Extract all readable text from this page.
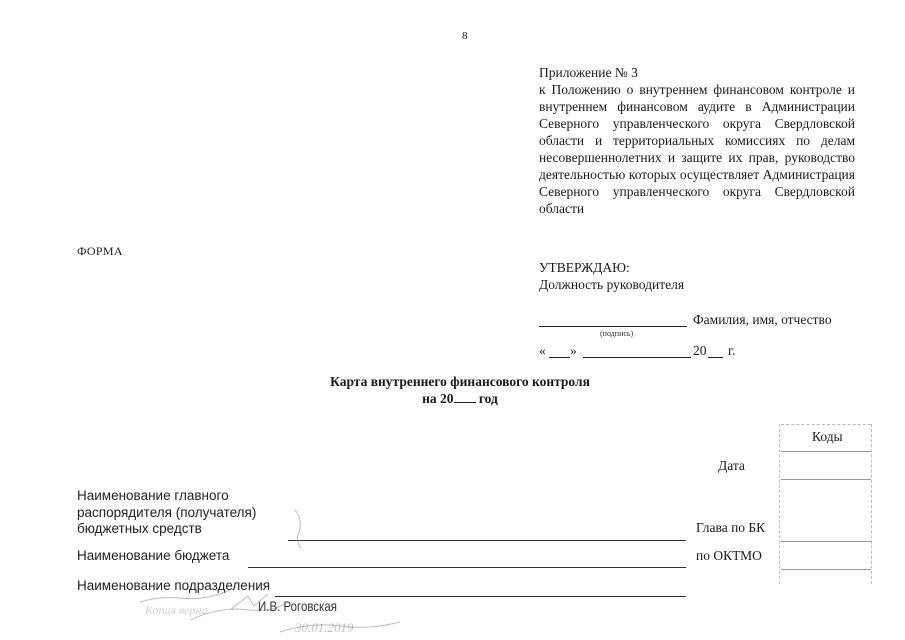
8
Приложение № 3
к Положению о внутреннем финансовом контроле и внутреннем финансовом аудите в Администрации Северного управленческого округа Свердловской области и территориальных комиссиях по делам несовершеннолетних и защите их прав, руководство деятельностью которых осуществляет Администрация Северного управленческого округа Свердловской области
ФОРМА
УТВЕРЖДАЮ:
Должность руководителя
Фамилия, имя, отчество
(подпись)
« »	20 г.
Карта внутреннего финансового контроля
на 20 год
Коды
Дата
Глава по БК
по ОКТМО
Наименование главного
распорядителя (получателя)
бюджетных средств
Наименование бюджета
Наименование подразделения
30.01.2019
Копия верна	И.В. Роговская
